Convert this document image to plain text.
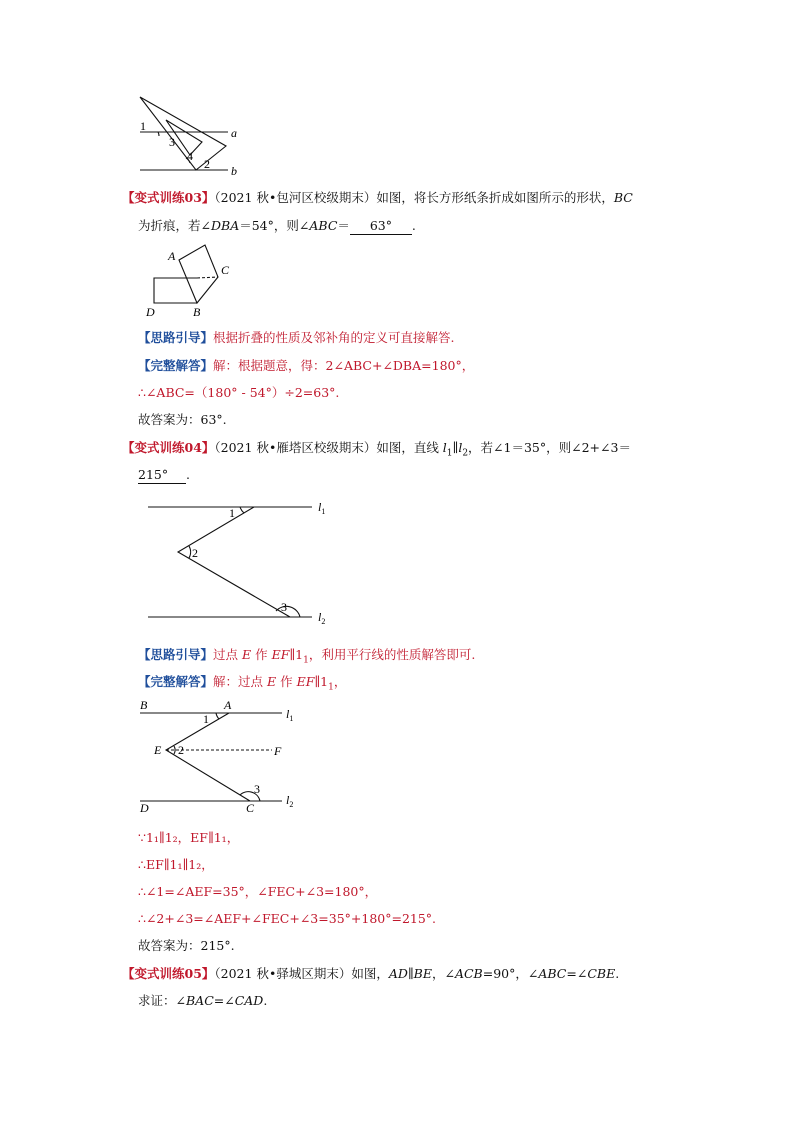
1
3
4
2
a
b
【变式训练03】（2021 秋•包河区校级期末）如图，将长方形纸条折成如图所示的形状，BC
为折痕，若∠DBA＝54°，则∠ABC＝ 63° .
A
C
D	B
【思路引导】根据折叠的性质及邻补角的定义可直接解答.
【完整解答】解：根据题意，得：2∠ABC+∠DBA=180°，
∴∠ABC=（180° - 54°）÷2=63°.
故答案为：63°.
【变式训练04】（2021 秋•雁塔区校级期末）如图，直线 $l_1\parallel l_2$，若∠1＝35°，则∠2+∠3＝
215° .
1
2
3
$l_1$
$l_2$
【思路引导】过点 E 作 $EF\parallel 1_1$，利用平行线的性质解答即可.
【完整解答】解：过点 E 作 $EF\parallel 1_1$，
B	A
1	$l_1$
E 2	F
3
D	C
$l_2$
∵1₁∥1₂，EF∥1₁，
∴EF∥1₁∥1₂，
∴∠1=∠AEF=35°，∠FEC+∠3=180°，
∴∠2+∠3=∠AEF+∠FEC+∠3=35°+180°=215°.
故答案为：215°.
【变式训练05】（2021 秋•驿城区期末）如图，AD∥BE，∠ACB=90°，∠ABC=∠CBE.
求证：∠BAC=∠CAD.
